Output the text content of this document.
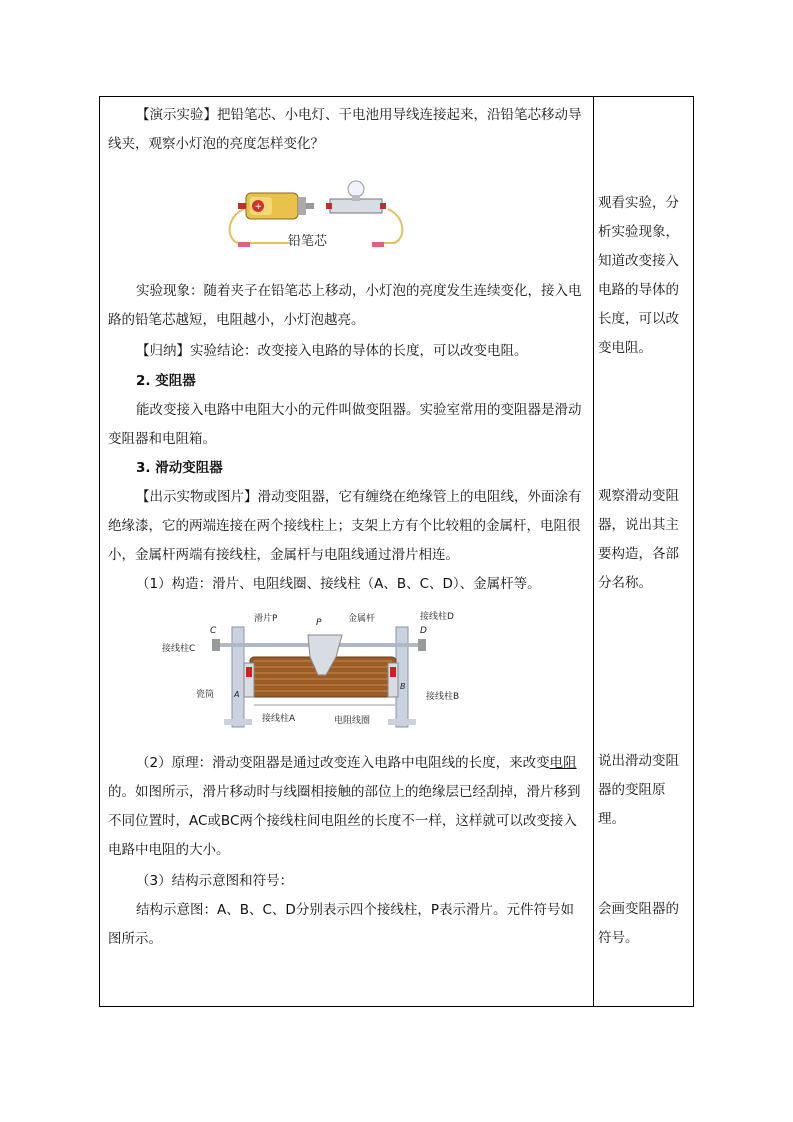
【演示实验】把铅笔芯、小电灯、干电池用导线连接起来，沿铅笔芯移动导线夹，观察小灯泡的亮度怎样变化？

+
铅笔芯

实验现象：随着夹子在铅笔芯上移动，小灯泡的亮度发生连续变化，接入电路的铅笔芯越短，电阻越小，小灯泡越亮。

【归纳】实验结论：改变接入电路的导体的长度，可以改变电阻。

2. 变阻器

能改变接入电路中电阻大小的元件叫做变阻器。实验室常用的变阻器是滑动变阻器和电阻箱。

3. 滑动变阻器

【出示实物或图片】滑动变阻器，它有缠绕在绝缘管上的电阻线，外面涂有绝缘漆，它的两端连接在两个接线柱上；支架上方有个比较粗的金属杆，电阻很小，金属杆两端有接线柱，金属杆与电阻线通过滑片相连。

（1）构造：滑片、电阻线圈、接线柱（A、B、C、D）、金属杆等。

滑片P	P	金属杆	接线柱D
C	D
接线柱C
瓷筒 A
B
接线柱B
接线柱A	电阻线圈

（2）原理：滑动变阻器是通过改变连入电路中电阻线的长度，来改变电阻的。如图所示，滑片移动时与线圈相接触的部位上的绝缘层已经刮掉，滑片移到不同位置时，AC或BC两个接线柱间电阻丝的长度不一样，这样就可以改变接入电路中电阻的大小。

（3）结构示意图和符号：

结构示意图：A、B、C、D分别表示四个接线柱，P表示滑片。元件符号如图所示。

观看实验，分析实验现象，知道改变接入电路的导体的长度，可以改变电阻。

观察滑动变阻器，说出其主要构造，各部分名称。

说出滑动变阻器的变阻原理。

会画变阻器的符号。
